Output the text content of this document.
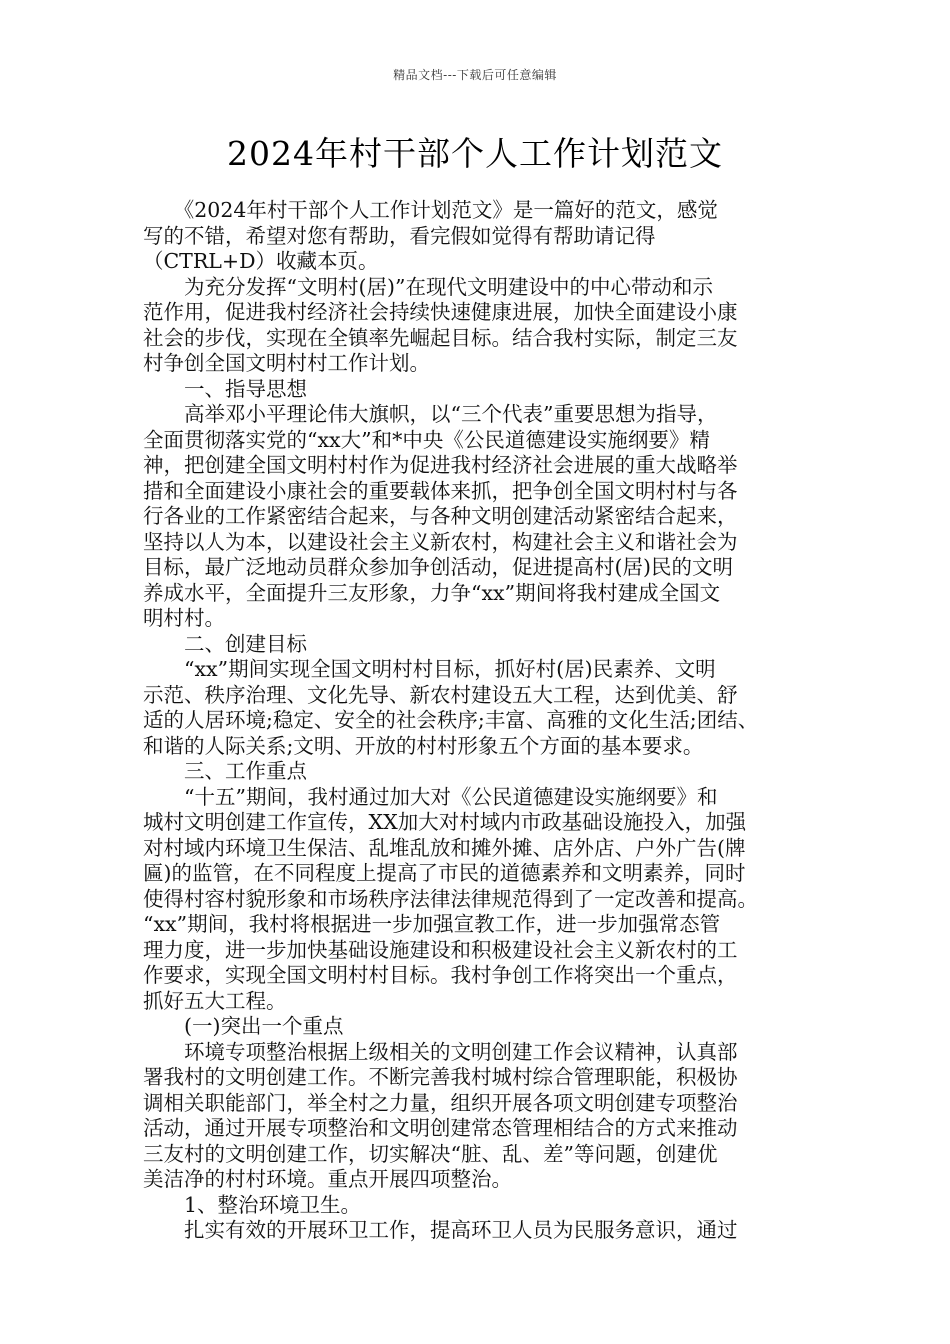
精品文档---下载后可任意编辑
2024年村干部个人工作计划范文

　　《2024年村干部个人工作计划范文》是一篇好的范文，感觉
写的不错，希望对您有帮助，看完假如觉得有帮助请记得
（CTRL+D）收藏本页。

　　为充分发挥“文明村(居)”在现代文明建设中的中心带动和示
范作用，促进我村经济社会持续快速健康进展，加快全面建设小康
社会的步伐，实现在全镇率先崛起目标。结合我村实际，制定三友
村争创全国文明村村工作计划。

　　一、指导思想

　　高举邓小平理论伟大旗帜，以“三个代表”重要思想为指导，
全面贯彻落实党的“xx大”和*中央《公民道德建设实施纲要》精
神，把创建全国文明村村作为促进我村经济社会进展的重大战略举
措和全面建设小康社会的重要载体来抓，把争创全国文明村村与各
行各业的工作紧密结合起来，与各种文明创建活动紧密结合起来，
坚持以人为本，以建设社会主义新农村，构建社会主义和谐社会为
目标，最广泛地动员群众参加争创活动，促进提高村(居)民的文明
养成水平，全面提升三友形象，力争“xx”期间将我村建成全国文
明村村。

　　二、创建目标

　　“xx”期间实现全国文明村村目标，抓好村(居)民素养、文明
示范、秩序治理、文化先导、新农村建设五大工程，达到优美、舒
适的人居环境;稳定、安全的社会秩序;丰富、高雅的文化生活;团结、
和谐的人际关系;文明、开放的村村形象五个方面的基本要求。

　　三、工作重点

　　“十五”期间，我村通过加大对《公民道德建设实施纲要》和
城村文明创建工作宣传，XX加大对村域内市政基础设施投入，加强
对村域内环境卫生保洁、乱堆乱放和摊外摊、店外店、户外广告(牌
匾)的监管，在不同程度上提高了市民的道德素养和文明素养，同时
使得村容村貌形象和市场秩序法律法律规范得到了一定改善和提高。
“xx”期间，我村将根据进一步加强宣教工作，进一步加强常态管
理力度，进一步加快基础设施建设和积极建设社会主义新农村的工
作要求，实现全国文明村村目标。我村争创工作将突出一个重点，
抓好五大工程。

　　(一)突出一个重点

　　环境专项整治根据上级相关的文明创建工作会议精神，认真部
署我村的文明创建工作。不断完善我村城村综合管理职能，积极协
调相关职能部门，举全村之力量，组织开展各项文明创建专项整治
活动，通过开展专项整治和文明创建常态管理相结合的方式来推动
三友村的文明创建工作，切实解决“脏、乱、差”等问题，创建优
美洁净的村村环境。重点开展四项整治。

　　1、整治环境卫生。

　　扎实有效的开展环卫工作，提高环卫人员为民服务意识，通过
